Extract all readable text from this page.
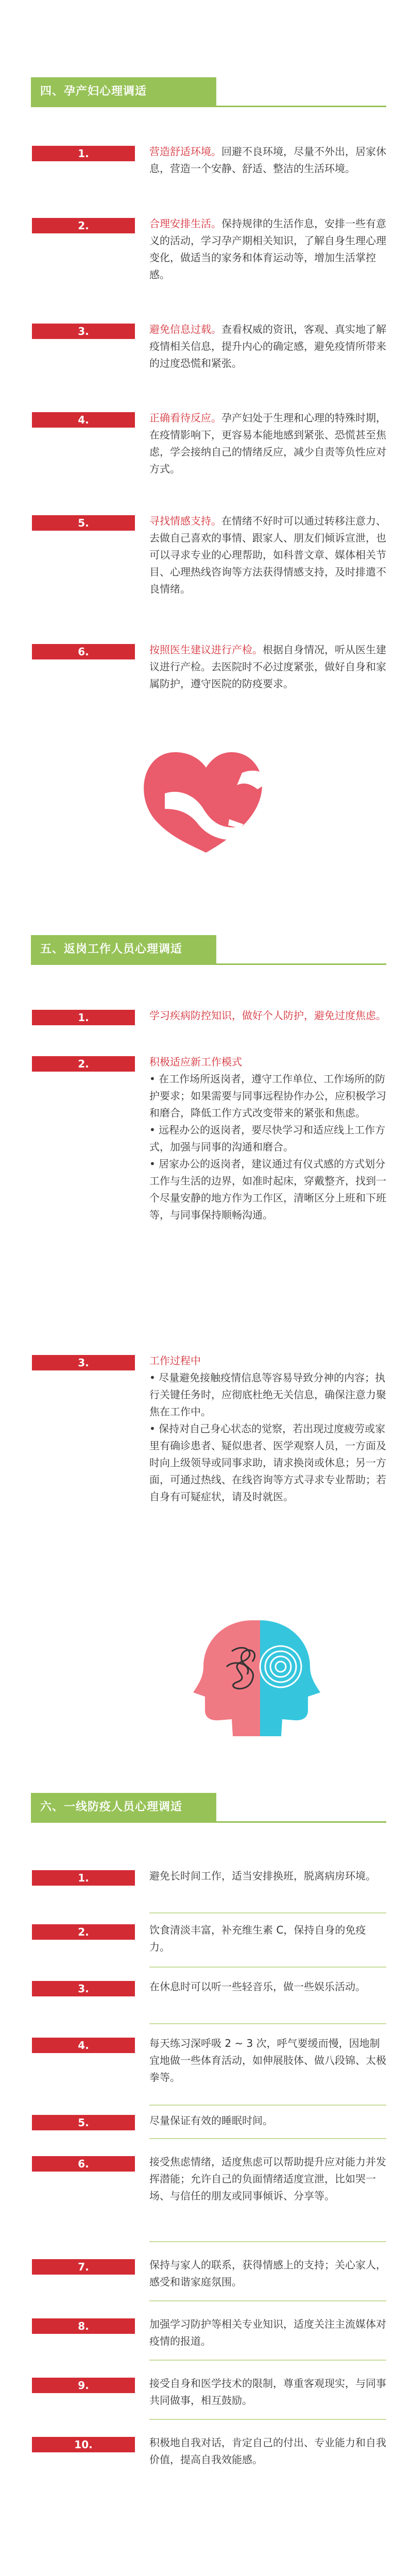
四、孕产妇心理调适
1.	营造舒适环境。回避不良环境，尽量不外出，居家休息，营造一个安静、舒适、整洁的生活环境。
2.	合理安排生活。保持规律的生活作息，安排一些有意义的活动，学习孕产期相关知识，了解自身生理心理变化，做适当的家务和体育运动等，增加生活掌控感。
3.	避免信息过载。查看权威的资讯，客观、真实地了解疫情相关信息，提升内心的确定感，避免疫情所带来的过度恐慌和紧张。
4.	正确看待反应。孕产妇处于生理和心理的特殊时期，在疫情影响下，更容易本能地感到紧张、恐慌甚至焦虑，学会接纳自己的情绪反应，减少自责等负性应对方式。
5.	寻找情感支持。在情绪不好时可以通过转移注意力、去做自己喜欢的事情、跟家人、朋友们倾诉宣泄，也可以寻求专业的心理帮助，如科普文章、媒体相关节目、心理热线咨询等方法获得情感支持，及时排遣不良情绪。
6.	按照医生建议进行产检。根据自身情况，听从医生建议进行产检。去医院时不必过度紧张，做好自身和家属防护，遵守医院的防疫要求。
五、返岗工作人员心理调适
1.	学习疾病防控知识，做好个人防护，避免过度焦虑。
2.	积极适应新工作模式
• 在工作场所返岗者，遵守工作单位、工作场所的防护要求；如果需要与同事远程协作办公，应积极学习和磨合，降低工作方式改变带来的紧张和焦虑。
• 远程办公的返岗者，要尽快学习和适应线上工作方式，加强与同事的沟通和磨合。
• 居家办公的返岗者，建议通过有仪式感的方式划分工作与生活的边界，如准时起床，穿戴整齐，找到一个尽量安静的地方作为工作区，清晰区分上班和下班等，与同事保持顺畅沟通。
3.	工作过程中
• 尽量避免接触疫情信息等容易导致分神的内容；执行关键任务时，应彻底杜绝无关信息，确保注意力聚焦在工作中。
• 保持对自己身心状态的觉察，若出现过度疲劳或家里有确诊患者、疑似患者、医学观察人员，一方面及时向上级领导或同事求助，请求换岗或休息；另一方面，可通过热线、在线咨询等方式寻求专业帮助；若自身有可疑症状，请及时就医。
六、一线防疫人员心理调适
1.	避免长时间工作，适当安排换班，脱离病房环境。
2.	饮食清淡丰富，补充维生素 C，保持自身的免疫力。
3.	在休息时可以听一些轻音乐，做一些娱乐活动。
4.	每天练习深呼吸 2 ~ 3 次，呼气要缓而慢，因地制宜地做一些体育活动，如伸展肢体、做八段锦、太极拳等。
5.	尽量保证有效的睡眠时间。
6.	接受焦虑情绪，适度焦虑可以帮助提升应对能力并发挥潜能；允许自己的负面情绪适度宣泄，比如哭一场、与信任的朋友或同事倾诉、分享等。
7.	保持与家人的联系，获得情感上的支持；关心家人，感受和谐家庭氛围。
8.	加强学习防护等相关专业知识，适度关注主流媒体对疫情的报道。
9.	接受自身和医学技术的限制，尊重客观现实，与同事共同做事，相互鼓励。
10.	积极地自我对话，肯定自己的付出、专业能力和自我价值，提高自我效能感。
